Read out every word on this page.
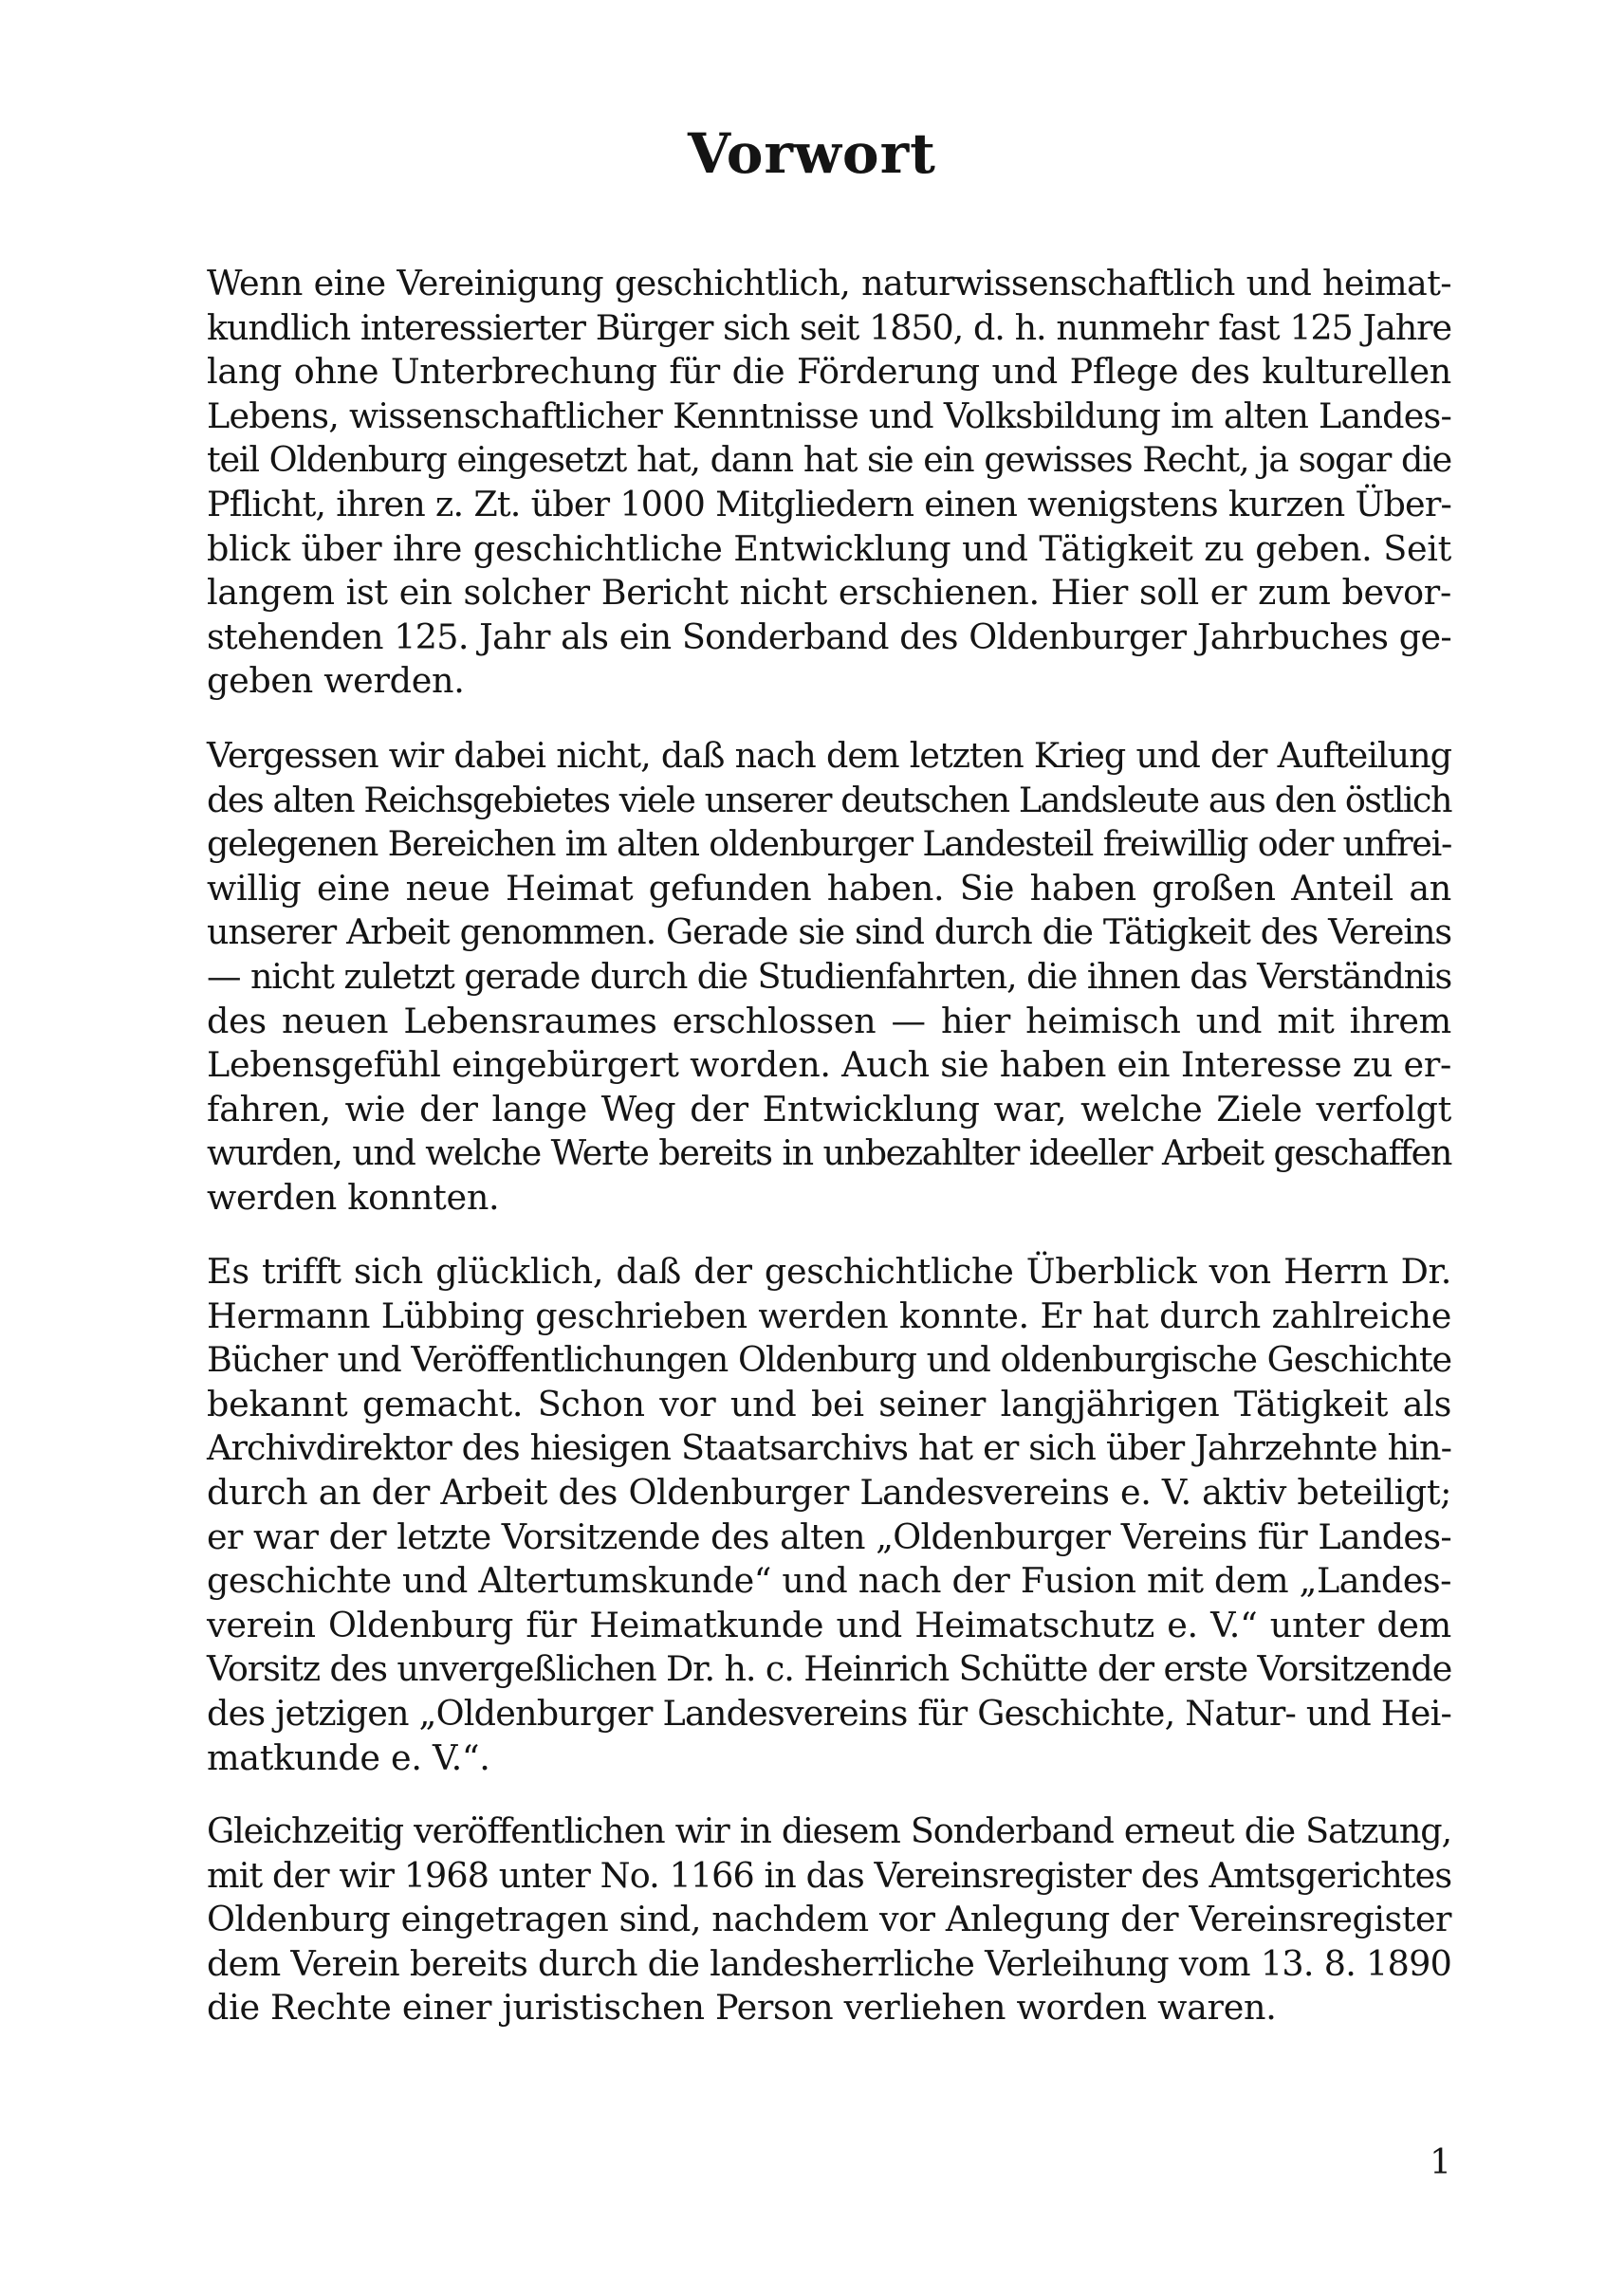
Vorwort
Wenn eine Vereinigung geschichtlich, naturwissenschaftlich und heimat-
kundlich interessierter Bürger sich seit 1850, d. h. nunmehr fast 125 Jahre
lang ohne Unterbrechung für die Förderung und Pflege des kulturellen
Lebens, wissenschaftlicher Kenntnisse und Volksbildung im alten Landes-
teil Oldenburg eingesetzt hat, dann hat sie ein gewisses Recht, ja sogar die
Pflicht, ihren z. Zt. über 1000 Mitgliedern einen wenigstens kurzen Über-
blick über ihre geschichtliche Entwicklung und Tätigkeit zu geben. Seit
langem ist ein solcher Bericht nicht erschienen. Hier soll er zum bevor-
stehenden 125. Jahr als ein Sonderband des Oldenburger Jahrbuches ge-
geben werden.
Vergessen wir dabei nicht, daß nach dem letzten Krieg und der Aufteilung
des alten Reichsgebietes viele unserer deutschen Landsleute aus den östlich
gelegenen Bereichen im alten oldenburger Landesteil freiwillig oder unfrei-
willig eine neue Heimat gefunden haben. Sie haben großen Anteil an
unserer Arbeit genommen. Gerade sie sind durch die Tätigkeit des Vereins
— nicht zuletzt gerade durch die Studienfahrten, die ihnen das Verständnis
des neuen Lebensraumes erschlossen — hier heimisch und mit ihrem
Lebensgefühl eingebürgert worden. Auch sie haben ein Interesse zu er-
fahren, wie der lange Weg der Entwicklung war, welche Ziele verfolgt
wurden, und welche Werte bereits in unbezahlter ideeller Arbeit geschaffen
werden konnten.
Es trifft sich glücklich, daß der geschichtliche Überblick von Herrn Dr.
Hermann Lübbing geschrieben werden konnte. Er hat durch zahlreiche
Bücher und Veröffentlichungen Oldenburg und oldenburgische Geschichte
bekannt gemacht. Schon vor und bei seiner langjährigen Tätigkeit als
Archivdirektor des hiesigen Staatsarchivs hat er sich über Jahrzehnte hin-
durch an der Arbeit des Oldenburger Landesvereins e. V. aktiv beteiligt;
er war der letzte Vorsitzende des alten „Oldenburger Vereins für Landes-
geschichte und Altertumskunde“ und nach der Fusion mit dem „Landes-
verein Oldenburg für Heimatkunde und Heimatschutz e. V.“ unter dem
Vorsitz des unvergeßlichen Dr. h. c. Heinrich Schütte der erste Vorsitzende
des jetzigen „Oldenburger Landesvereins für Geschichte, Natur- und Hei-
matkunde e. V.“.
Gleichzeitig veröffentlichen wir in diesem Sonderband erneut die Satzung,
mit der wir 1968 unter No. 1166 in das Vereinsregister des Amtsgerichtes
Oldenburg eingetragen sind, nachdem vor Anlegung der Vereinsregister
dem Verein bereits durch die landesherrliche Verleihung vom 13. 8. 1890
die Rechte einer juristischen Person verliehen worden waren.

1
